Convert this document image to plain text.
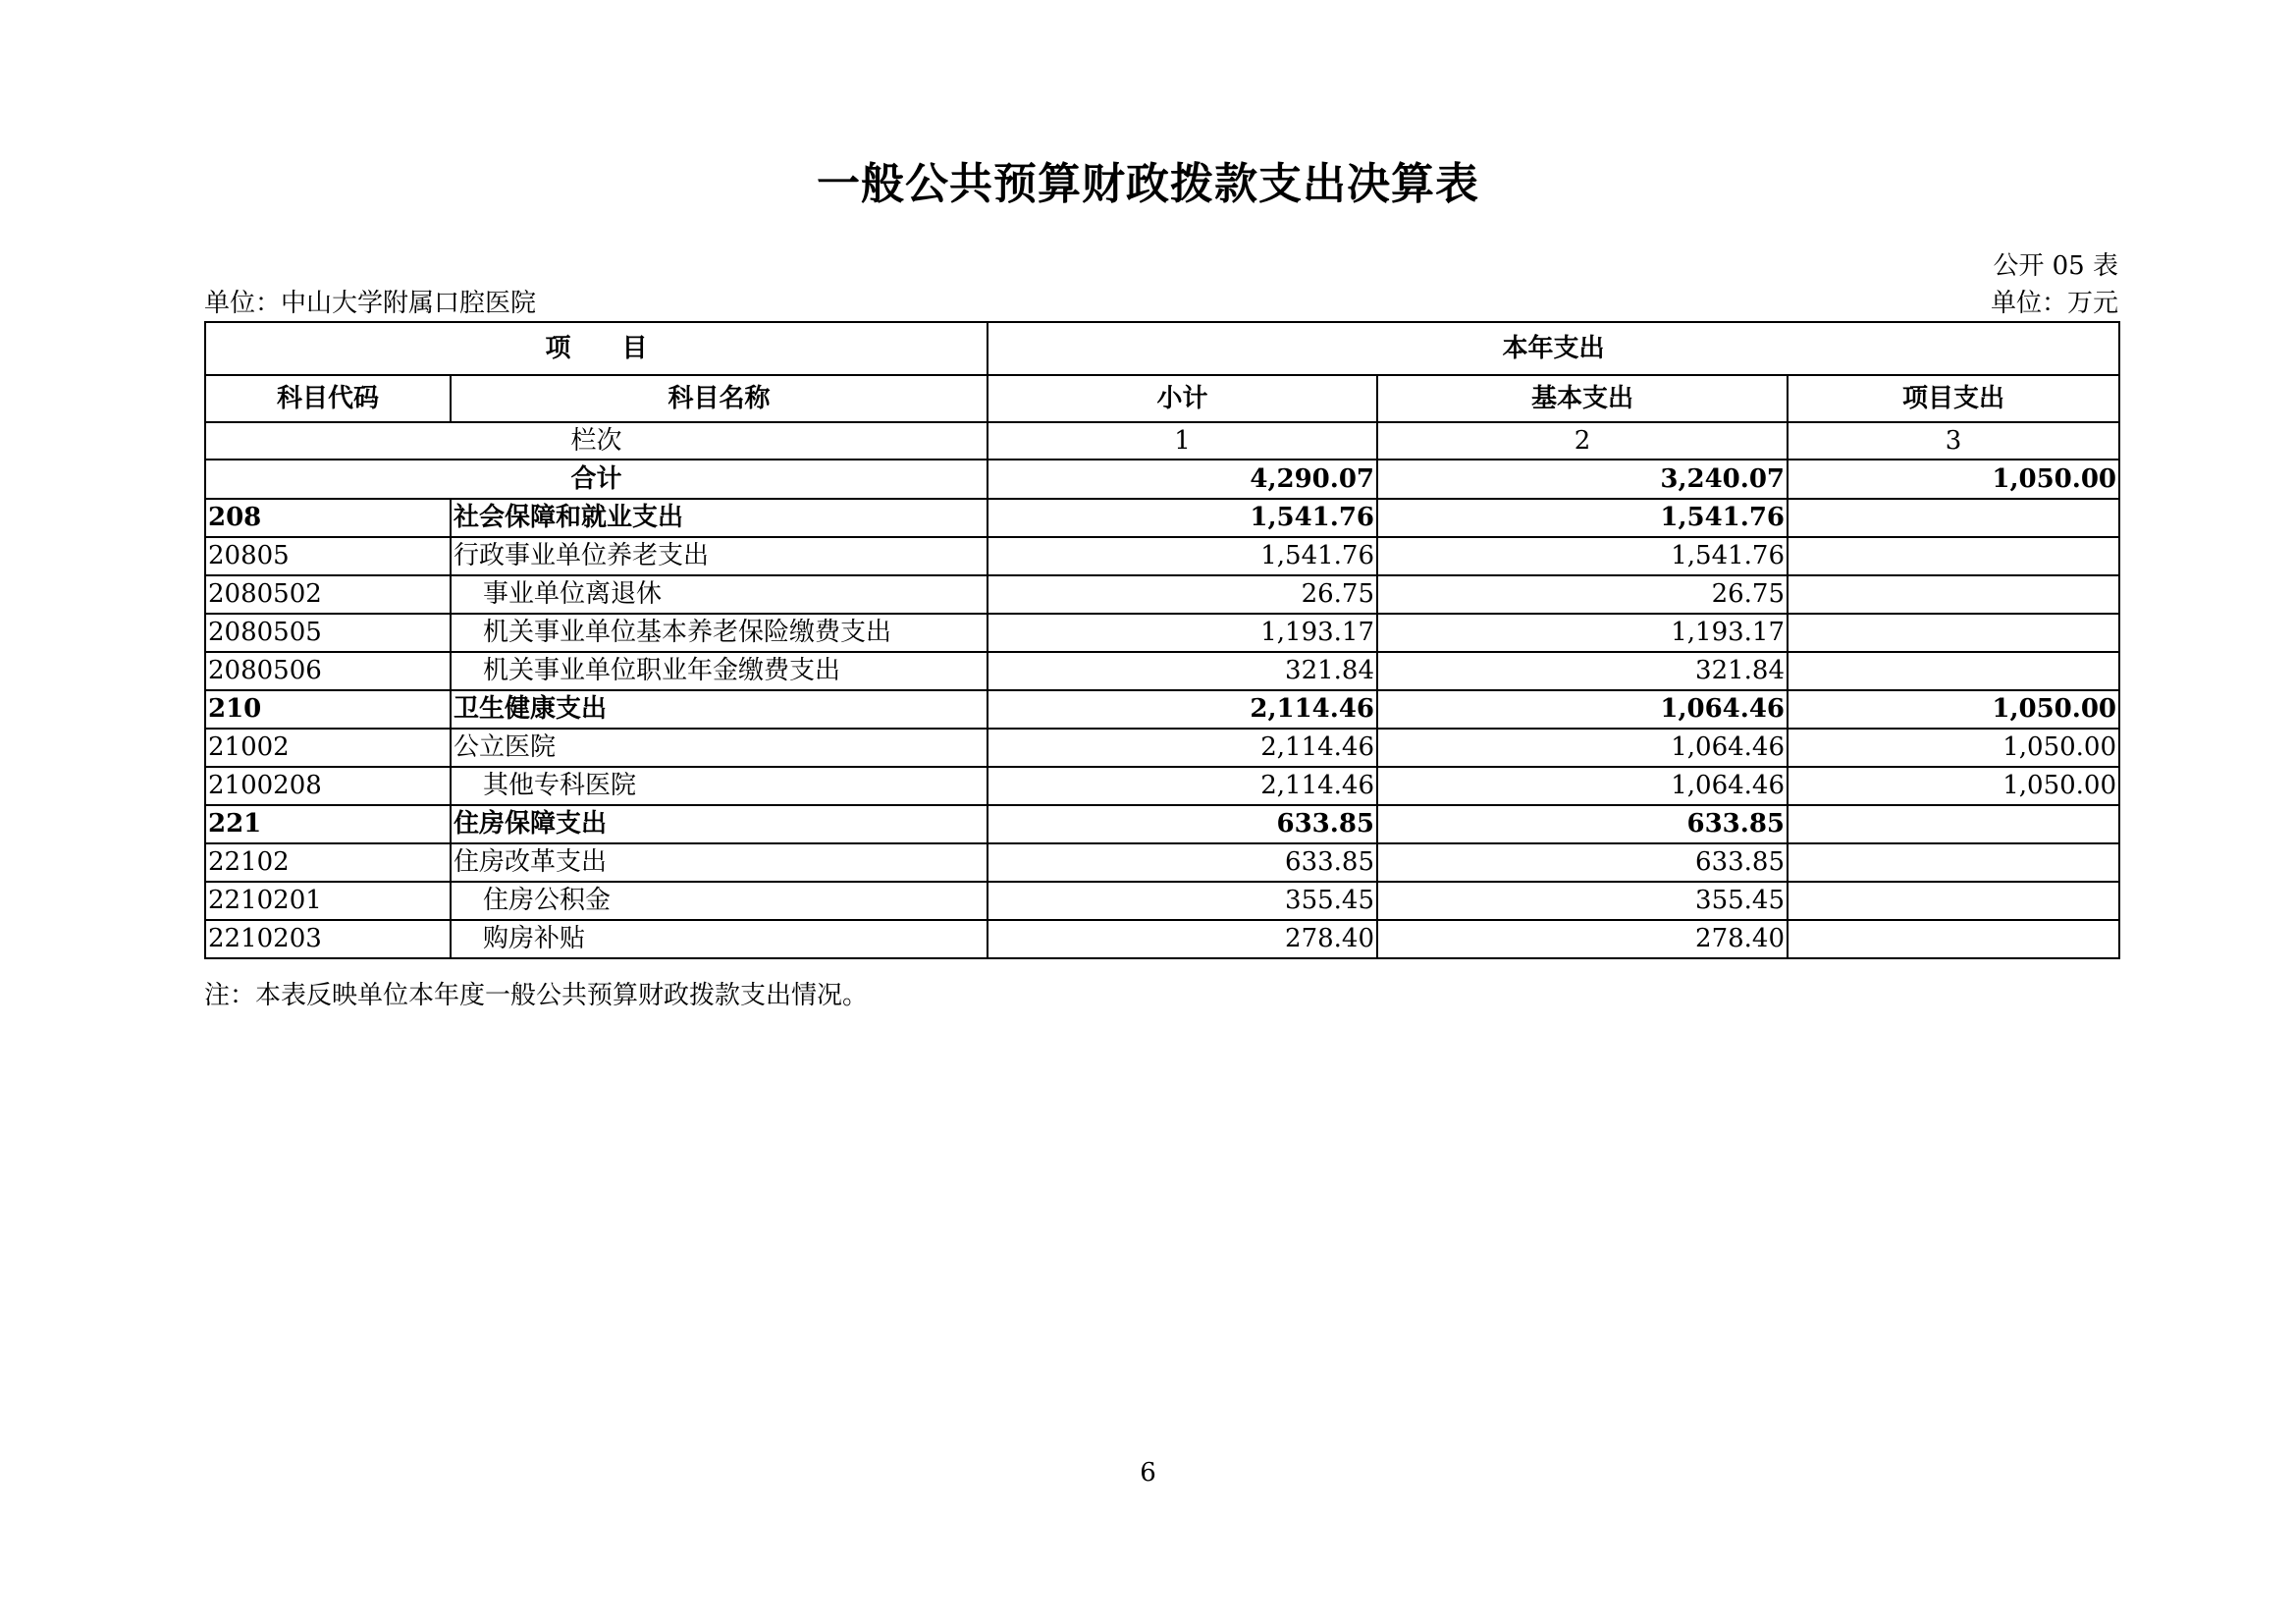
一般公共预算财政拨款支出决算表
公开 05 表
单位：中山大学附属口腔医院	单位：万元
项　　目		本年支出		
科目代码	科目名称	小计	基本支出	项目支出
栏次		1	2	3
合计		4,290.07	3,240.07	1,050.00
208	社会保障和就业支出	1,541.76	1,541.76	
20805	行政事业单位养老支出	1,541.76	1,541.76	
2080502	事业单位离退休	26.75	26.75	
2080505	机关事业单位基本养老保险缴费支出	1,193.17	1,193.17	
2080506	机关事业单位职业年金缴费支出	321.84	321.84	
210	卫生健康支出	2,114.46	1,064.46	1,050.00
21002	公立医院	2,114.46	1,064.46	1,050.00
2100208	其他专科医院	2,114.46	1,064.46	1,050.00
221	住房保障支出	633.85	633.85	
22102	住房改革支出	633.85	633.85	
2210201	住房公积金	355.45	355.45	
2210203	购房补贴	278.40	278.40	
注：本表反映单位本年度一般公共预算财政拨款支出情况。
6
